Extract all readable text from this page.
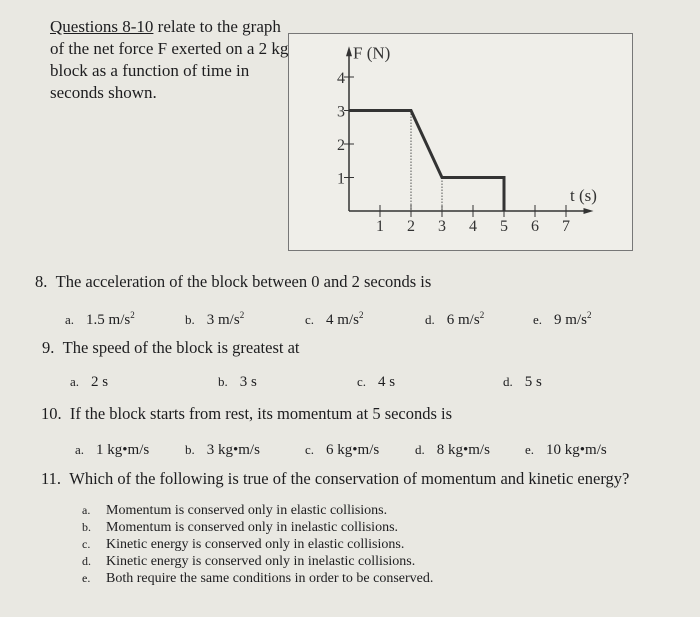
Questions 8-10 relate to the graph of the net force F exerted on a 2 kg block as a function of time in seconds shown.
1 2 3 4 5 6 7
1
2
3
4
F (N)
t (s)
8. The acceleration of the block between 0 and 2 seconds is
a. 1.5 $m/s^2$	b. 3 $m/s^2$	c. 4 $m/s^2$	d. 6 $m/s^2$	e. 9 $m/s^2$
9. The speed of the block is greatest at
a. 2 s	b. 3 s	c. 4 s	d. 5 s
10. If the block starts from rest, its momentum at 5 seconds is
a. 1 kg•m/s	b. 3 kg•m/s	c. 6 kg•m/s	d. 8 kg•m/s	e. 10 kg•m/s
11. Which of the following is true of the conservation of momentum and kinetic energy?
a. Momentum is conserved only in elastic collisions.
b. Momentum is conserved only in inelastic collisions.
c. Kinetic energy is conserved only in elastic collisions.
d. Kinetic energy is conserved only in inelastic collisions.
e. Both require the same conditions in order to be conserved.
